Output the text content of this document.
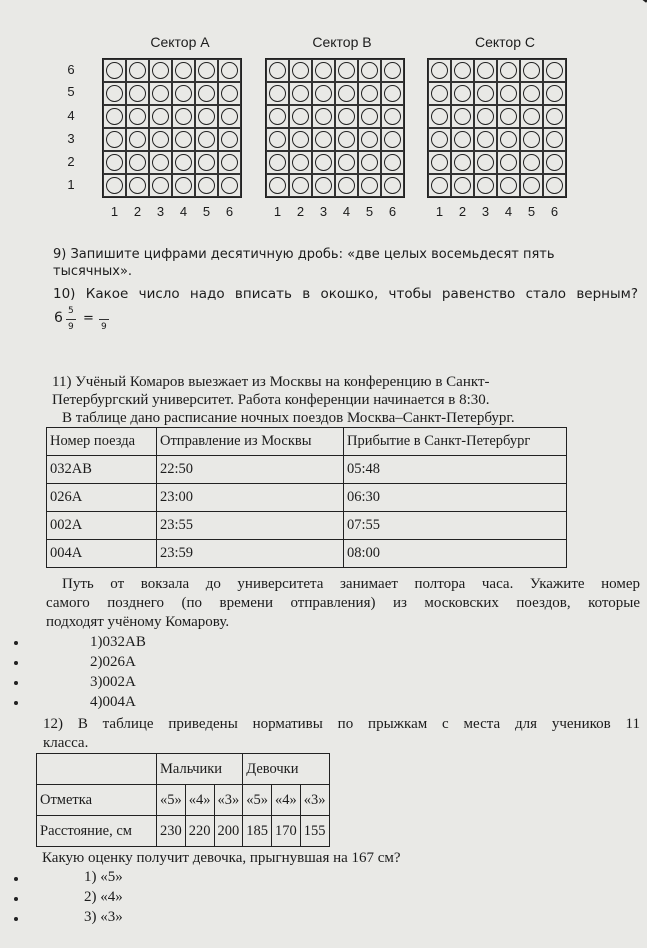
Сектор A	Сектор B	Сектор C
6
5
4
3
2
1
1	2	3	4	5	6	1	2	3	4	5	6	1	2	3	4	5	6
9) Запишите цифрами десятичную дробь: «две целых восемьдесят пять
тысячных».
10) Какое число надо вписать в окошко, чтобы равенство стало верным?
6 5
9
=
9
11) Учёный Комаров выезжает из Москвы на конференцию в Санкт-
Петербургский университет. Работа конференции начинается в 8:30.
В таблице дано расписание ночных поездов Москва–Санкт-Петербург.
Номер поезда	Отправление из Москвы	Прибытие в Санкт-Петербург
032АВ	22:50	05:48
026А	23:00	06:30
002А	23:55	07:55
004А	23:59	08:00
Путь от вокзала до университета занимает полтора часа. Укажите номер
самого позднего (по времени отправления) из московских поездов, которые
подходят учёному Комарову.
1)032АВ
2)026А
3)002А
4)004А
12) В таблице приведены нормативы по прыжкам с места для учеников 11
класса.
	Мальчики			Девочки		
Отметка	«5»	«4»	«3»	«5»	«4»	«3»
Расстояние, см	230	220	200	185	170	155
Какую оценку получит девочка, прыгнувшая на 167 см?
1) «5»
2) «4»
3) «3»
